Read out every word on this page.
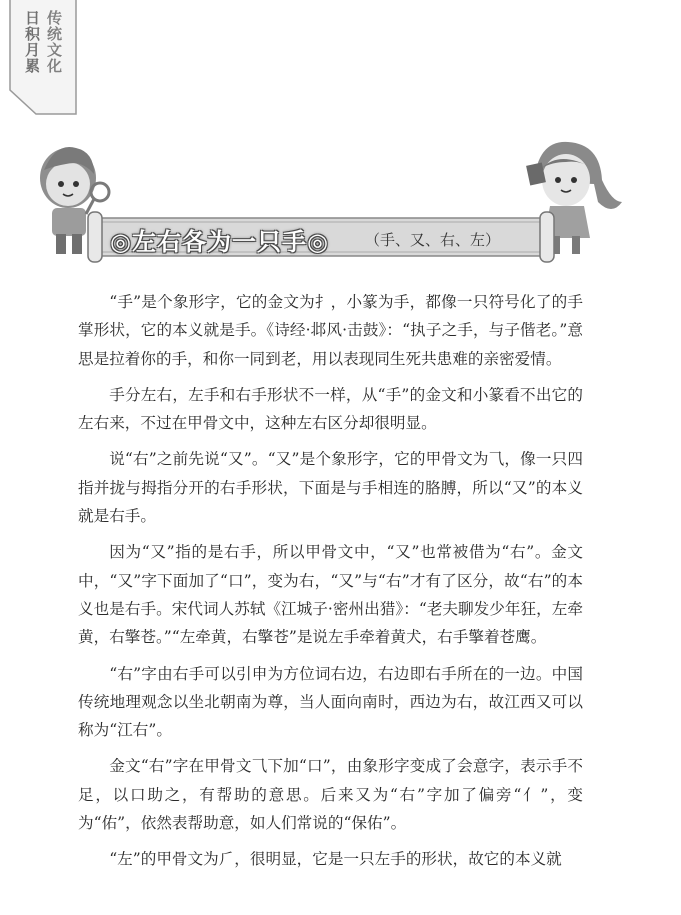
传统文化
日积月累
◎左右各为一只手◎ （手、又、右、左）

“手”是个象形字，它的金文为⺘，小篆为手，都像一只符号化了的手掌形状，它的本义就是手。《诗经·邶风·击鼓》：“执子之手，与子偕老。”意思是拉着你的手，和你一同到老，用以表现同生死共患难的亲密爱情。

手分左右，左手和右手形状不一样，从“手”的金文和小篆看不出它的左右来，不过在甲骨文中，这种左右区分却很明显。

说“右”之前先说“又”。“又”是个象形字，它的甲骨文为⺄，像一只四指并拢与拇指分开的右手形状，下面是与手相连的胳膊，所以“又”的本义就是右手。

因为“又”指的是右手，所以甲骨文中，“又”也常被借为“右”。金文中，“又”字下面加了“口”，变为右，“又”与“右”才有了区分，故“右”的本义也是右手。宋代词人苏轼《江城子·密州出猎》：“老夫聊发少年狂，左牵黄，右擎苍。”“左牵黄，右擎苍”是说左手牵着黄犬，右手擎着苍鹰。

“右”字由右手可以引申为方位词右边，右边即右手所在的一边。中国传统地理观念以坐北朝南为尊，当人面向南时，西边为右，故江西又可以称为“江右”。

金文“右”字在甲骨文⺄下加“口”，由象形字变成了会意字，表示手不足，以口助之，有帮助的意思。后来又为“右”字加了偏旁“亻”，变为“佑”，依然表帮助意，如人们常说的“保佑”。

“左”的甲骨文为⺁，很明显，它是一只左手的形状，故它的本义就
